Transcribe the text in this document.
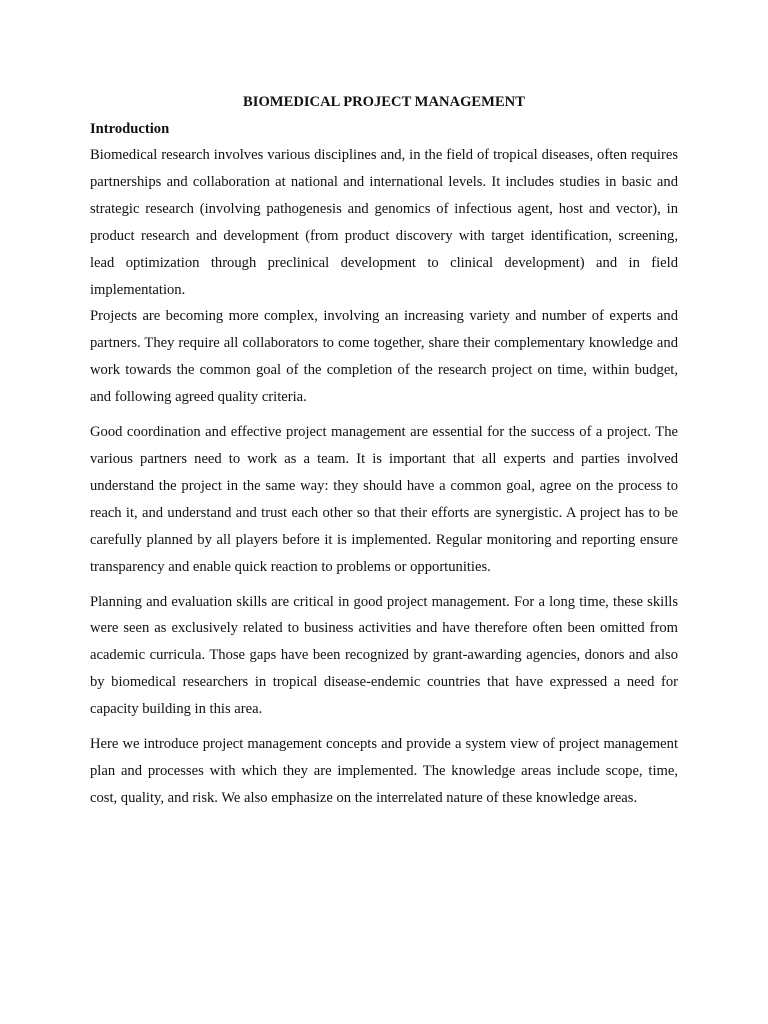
BIOMEDICAL PROJECT MANAGEMENT
Introduction

Biomedical research involves various disciplines and, in the field of tropical diseases, often requires partnerships and collaboration at national and international levels. It includes studies in basic and strategic research (involving pathogenesis and genomics of infectious agent, host and vector), in product research and development (from product discovery with target identification, screening, lead optimization through preclinical development to clinical development) and in field implementation.

Projects are becoming more complex, involving an increasing variety and number of experts and partners. They require all collaborators to come together, share their complementary knowledge and work towards the common goal of the completion of the research project on time, within budget, and following agreed quality criteria.

Good coordination and effective project management are essential for the success of a project. The various partners need to work as a team. It is important that all experts and parties involved understand the project in the same way: they should have a common goal, agree on the process to reach it, and understand and trust each other so that their efforts are synergistic. A project has to be carefully planned by all players before it is implemented. Regular monitoring and reporting ensure transparency and enable quick reaction to problems or opportunities.

Planning and evaluation skills are critical in good project management. For a long time, these skills were seen as exclusively related to business activities and have therefore often been omitted from academic curricula. Those gaps have been recognized by grant-awarding agencies, donors and also by biomedical researchers in tropical disease-endemic countries that have expressed a need for capacity building in this area.

Here we introduce project management concepts and provide a system view of project management plan and processes with which they are implemented. The knowledge areas include scope, time, cost, quality, and risk. We also emphasize on the interrelated nature of these knowledge areas.
